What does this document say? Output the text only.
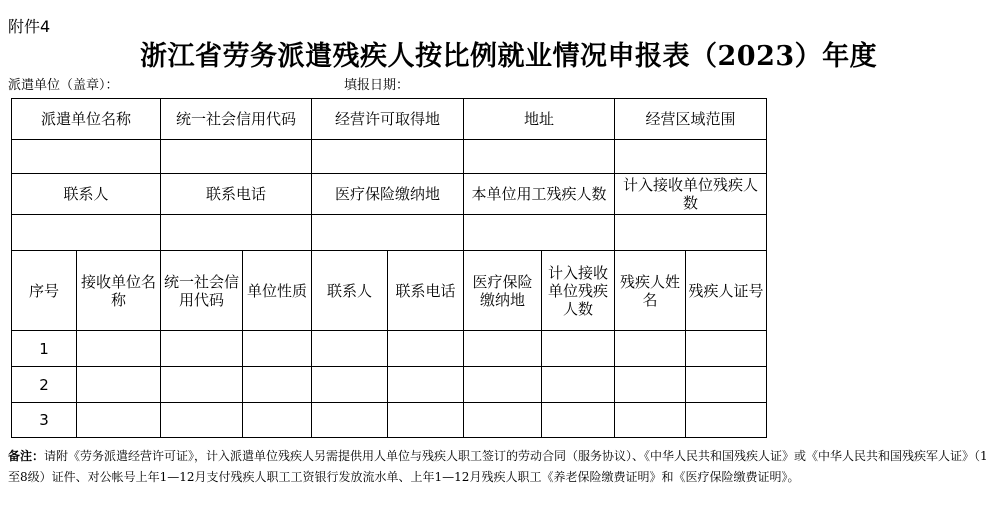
附件4
浙江省劳务派遣残疾人按比例就业情况申报表（2023）年度
派遣单位（盖章）：	填报日期：
派遣单位名称		统一社会信用代码		经营许可取得地		地址		经营区域范围	

联系人		联系电话		医疗保险缴纳地		本单位用工残疾人数		计入接收单位残疾人数	

序号	接收单位名称	统一社会信用代码	单位性质	联系人	联系电话	医疗保险缴纳地	计入接收单位残疾人数	残疾人姓名	残疾人证号
1									
2									
3									
备注：请附《劳务派遣经营许可证》，计入派遣单位残疾人另需提供用人单位与残疾人职工签订的劳动合同（服务协议）、《中华人民共和国残疾人证》或《中华人民共和国残疾军人证》（1至8级）证件、对公帐号上年1—12月支付残疾人职工工资银行发放流水单、上年1—12月残疾人职工《养老保险缴费证明》和《医疗保险缴费证明》。
